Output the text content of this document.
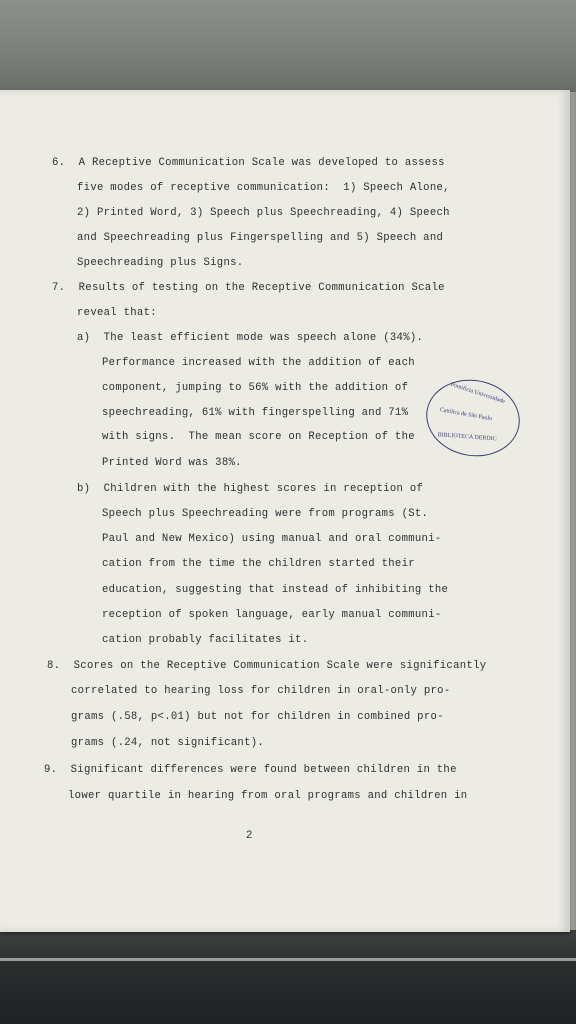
6.  A Receptive Communication Scale was developed to assess
five modes of receptive communication:  1) Speech Alone,
2) Printed Word, 3) Speech plus Speechreading, 4) Speech
and Speechreading plus Fingerspelling and 5) Speech and
Speechreading plus Signs.
7.  Results of testing on the Receptive Communication Scale
reveal that:
a)  The least efficient mode was speech alone (34%).
Performance increased with the addition of each
component, jumping to 56% with the addition of
speechreading, 61% with fingerspelling and 71%
with signs.  The mean score on Reception of the
Printed Word was 38%.
b)  Children with the highest scores in reception of
Speech plus Speechreading were from programs (St.
Paul and New Mexico) using manual and oral communi-
cation from the time the children started their
education, suggesting that instead of inhibiting the
reception of spoken language, early manual communi-
cation probably facilitates it.
8.  Scores on the Receptive Communication Scale were significantly
correlated to hearing loss for children in oral-only pro-
grams (.58, p<.01) but not for children in combined pro-
grams (.24, not significant).
9.  Significant differences were found between children in the
lower quartile in hearing from oral programs and children in
2
Pontifícia Universidade
Católica de São Paulo
BIBLIOTECA DERDIC
